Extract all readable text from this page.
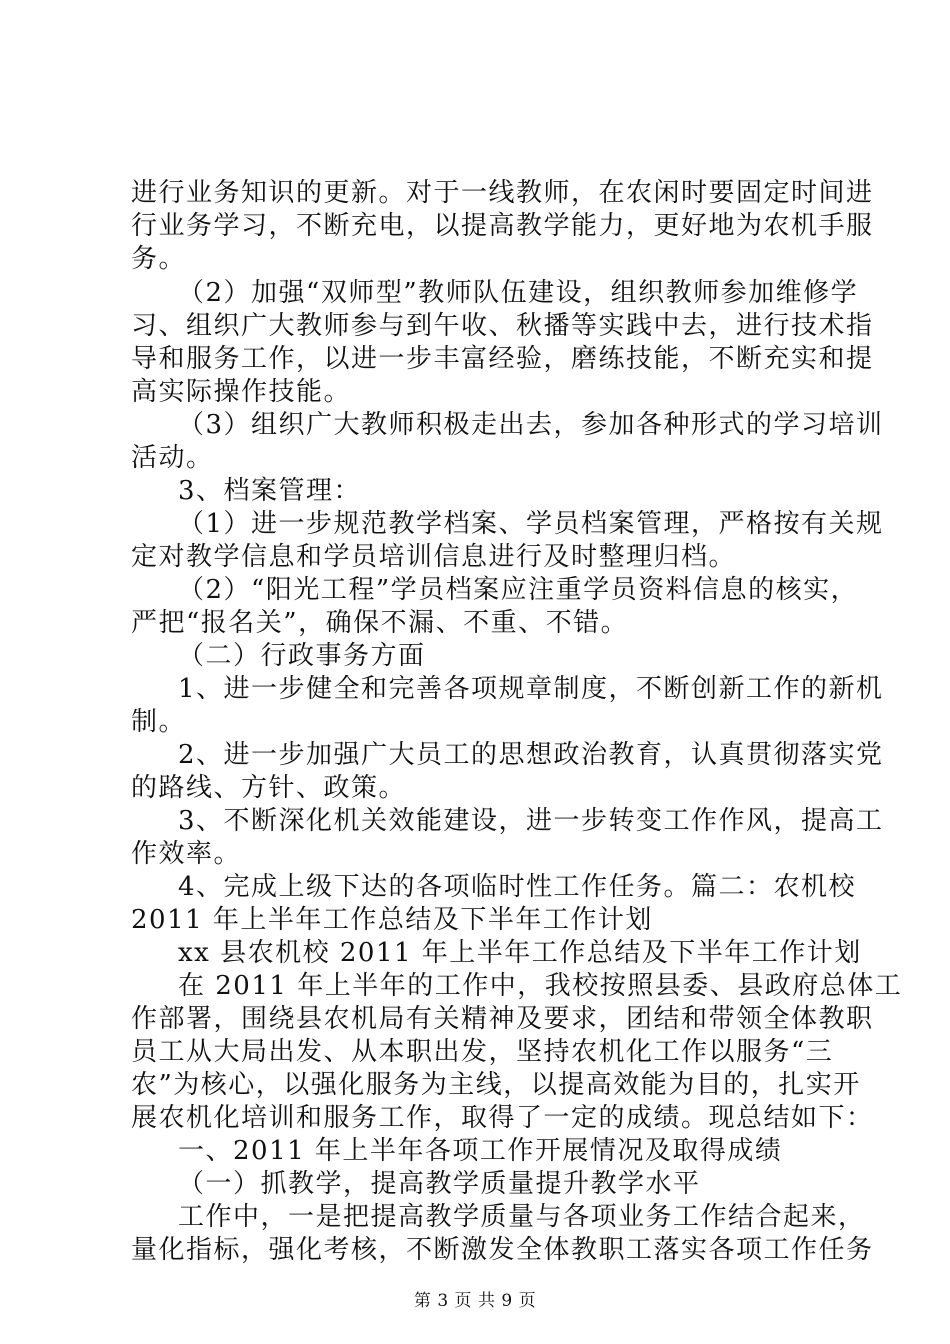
进行业务知识的更新。对于一线教师，在农闲时要固定时间进
行业务学习，不断充电，以提高教学能力，更好地为农机手服
务。
（2）加强“双师型”教师队伍建设，组织教师参加维修学
习、组织广大教师参与到午收、秋播等实践中去，进行技术指
导和服务工作，以进一步丰富经验，磨练技能，不断充实和提
高实际操作技能。
（3）组织广大教师积极走出去，参加各种形式的学习培训
活动。
3、档案管理：
（1）进一步规范教学档案、学员档案管理，严格按有关规
定对教学信息和学员培训信息进行及时整理归档。
（2）“阳光工程”学员档案应注重学员资料信息的核实，
严把“报名关”，确保不漏、不重、不错。
（二）行政事务方面
1、进一步健全和完善各项规章制度，不断创新工作的新机
制。
2、进一步加强广大员工的思想政治教育，认真贯彻落实党
的路线、方针、政策。
3、不断深化机关效能建设，进一步转变工作作风，提高工
作效率。
4、完成上级下达的各项临时性工作任务。篇二：农机校
2011 年上半年工作总结及下半年工作计划
xx 县农机校 2011 年上半年工作总结及下半年工作计划
在 2011 年上半年的工作中，我校按照县委、县政府总体工
作部署，围绕县农机局有关精神及要求，团结和带领全体教职
员工从大局出发、从本职出发，坚持农机化工作以服务“三
农”为核心，以强化服务为主线，以提高效能为目的，扎实开
展农机化培训和服务工作，取得了一定的成绩。现总结如下：
一、2011 年上半年各项工作开展情况及取得成绩
（一）抓教学，提高教学质量提升教学水平
工作中，一是把提高教学质量与各项业务工作结合起来，
量化指标，强化考核，不断激发全体教职工落实各项工作任务
第 3 页 共 9 页
